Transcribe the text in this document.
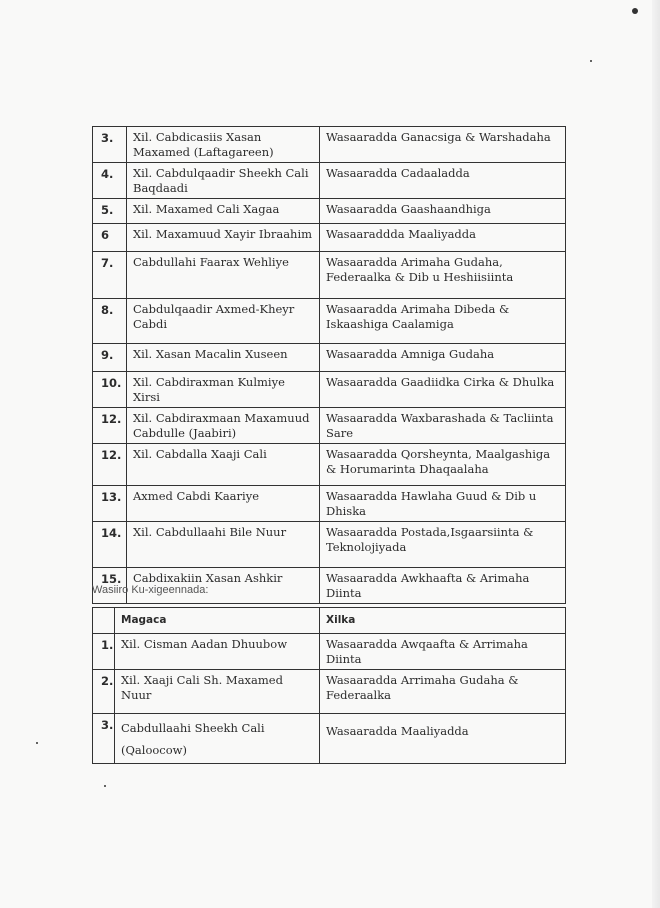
3.	Xil. Cabdicasiis Xasan Maxamed (Laftagareen)	Wasaaradda Ganacsiga & Warshadaha
4.	Xil. Cabdulqaadir Sheekh Cali Baqdaadi	Wasaaradda Cadaaladda
5.	Xil. Maxamed Cali Xagaa	Wasaaradda Gaashaandhiga
6	Xil. Maxamuud Xayir Ibraahim	Wasaaraddda Maaliyadda
7.	Cabdullahi Faarax Wehliye	Wasaaradda Arimaha Gudaha, Federaalka & Dib u Heshiisiinta
8.	Cabdulqaadir Axmed-Kheyr Cabdi	Wasaaradda Arimaha Dibeda & Iskaashiga Caalamiga
9.	Xil. Xasan Macalin Xuseen	Wasaaradda Amniga Gudaha
10.	Xil. Cabdiraxman Kulmiye Xirsi	Wasaaradda Gaadiidka Cirka & Dhulka
12.	Xil. Cabdiraxmaan Maxamuud Cabdulle (Jaabiri)	Wasaaradda Waxbarashada & Tacliinta Sare
12.	Xil. Cabdalla Xaaji Cali	Wasaaradda Qorsheynta, Maalgashiga & Horumarinta Dhaqaalaha
13.	Axmed Cabdi Kaariye	Wasaaradda Hawlaha Guud & Dib u Dhiska
14.	Xil. Cabdullaahi Bile Nuur	Wasaaradda Postada,Isgaarsiinta & Teknolojiyada
15.	Cabdixakiin Xasan Ashkir	Wasaaradda Awkhaafta & Arimaha Diinta
Wasiiro Ku-xigeennada:
	Magaca	Xilka
1.	Xil. Cisman Aadan Dhuubow	Wasaaradda Awqaafta & Arrimaha Diinta
2.	Xil. Xaaji Cali Sh. Maxamed Nuur	Wasaaradda Arrimaha Gudaha & Federaalka
3.	Cabdullaahi Sheekh Cali (Qaloocow)	Wasaaradda Maaliyadda
